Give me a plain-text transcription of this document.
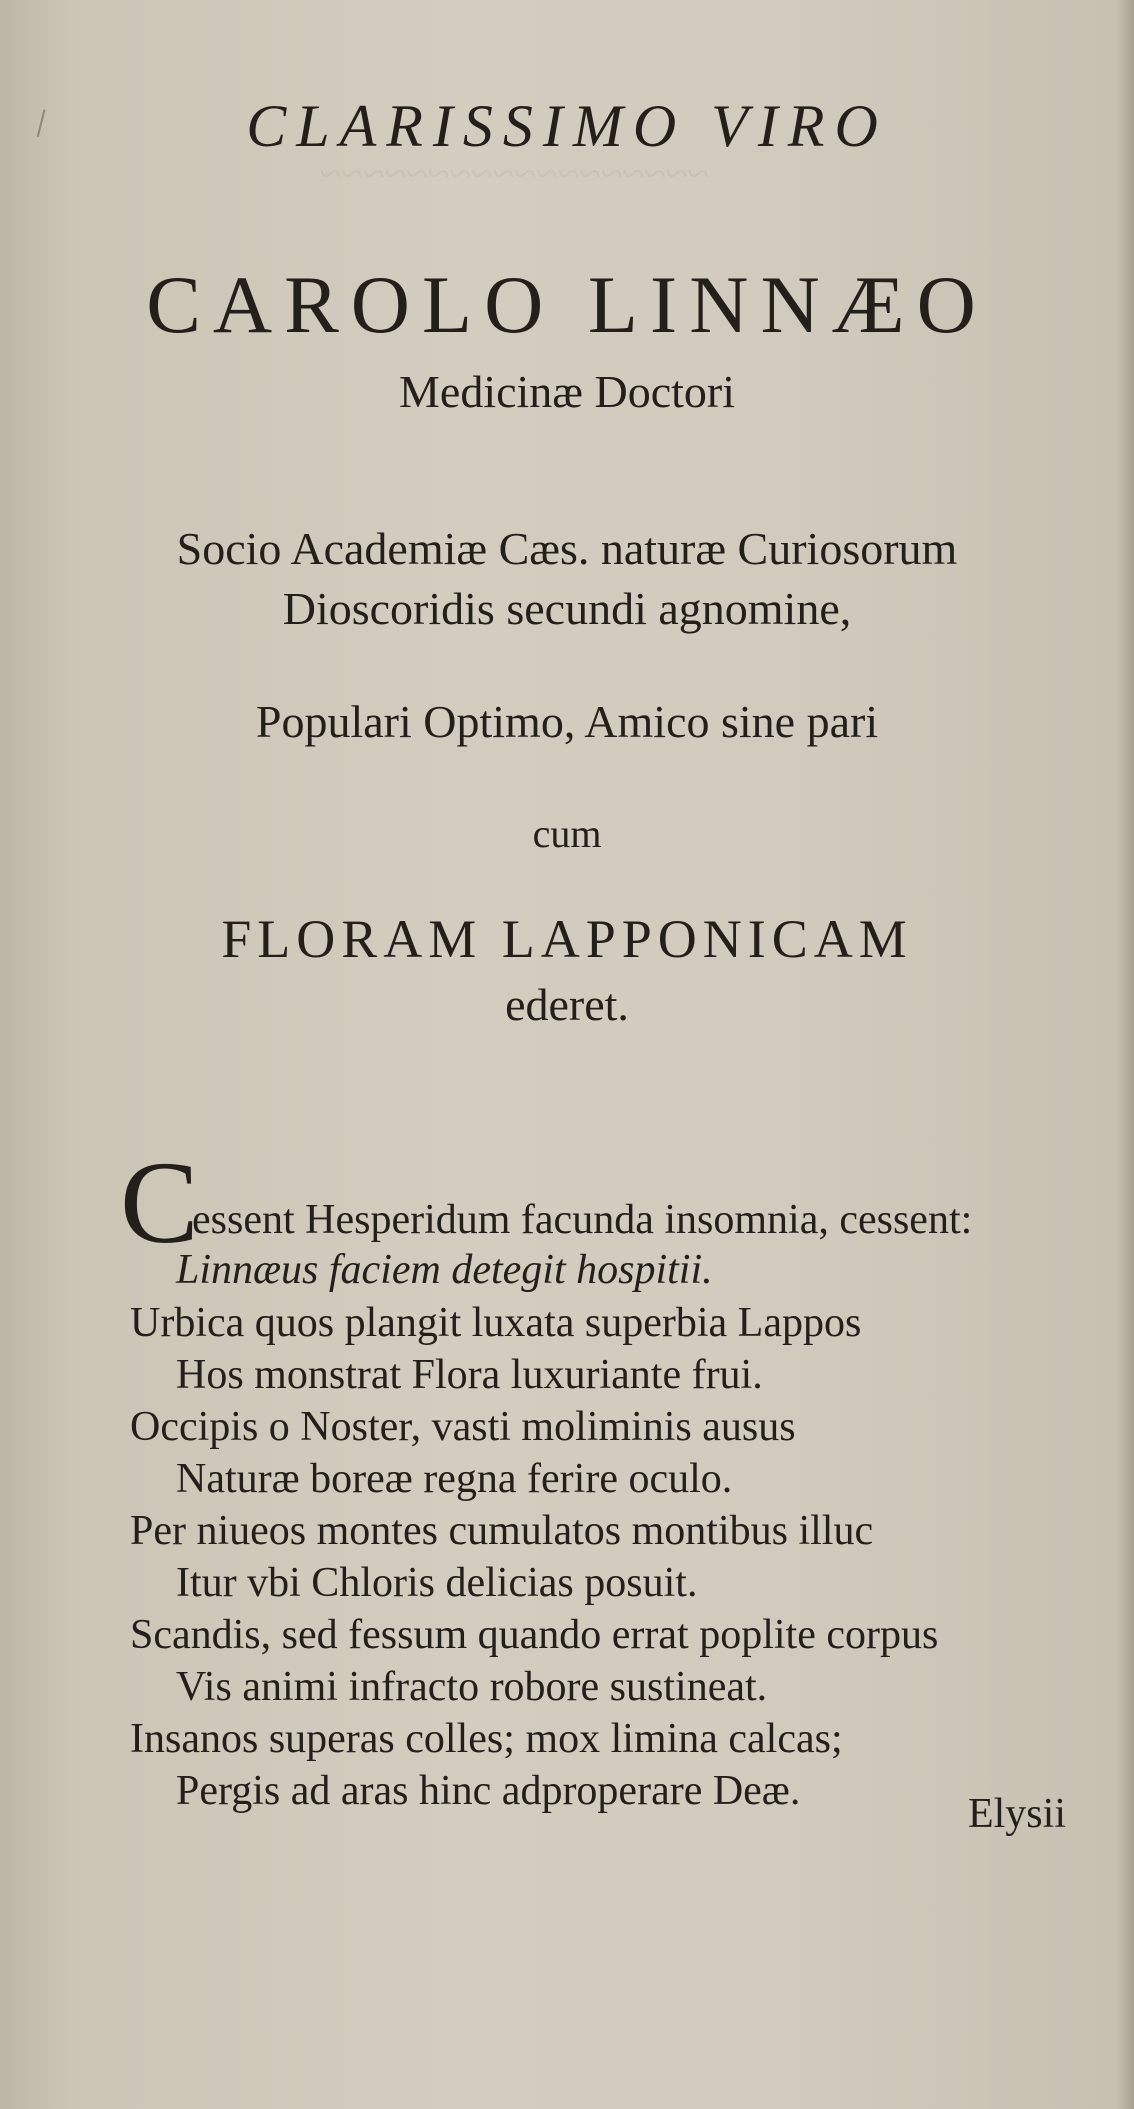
~~~~~~~~~~~~~~~~~~
CLARISSIMO VIRO
CAROLO LINNÆO
Medicinæ Doctori
Socio Academiæ Cæs. naturæ Curiosorum
Dioscoridis secundi agnomine,
Populari Optimo, Amico sine pari
cum
FLORAM LAPPONICAM
ederet.
C
essent Hesperidum facunda insomnia, cessent:
Linnæus faciem detegit hospitii.
Urbica quos plangit luxata superbia Lappos
Hos monstrat Flora luxuriante frui.
Occipis o Noster, vasti moliminis ausus
Naturæ boreæ regna ferire oculo.
Per niueos montes cumulatos montibus illuc
Itur vbi Chloris delicias posuit.
Scandis, sed fessum quando errat poplite corpus
Vis animi infracto robore sustineat.
Insanos superas colles; mox limina calcas;
Pergis ad aras hinc adproperare Deæ.	Elysii
